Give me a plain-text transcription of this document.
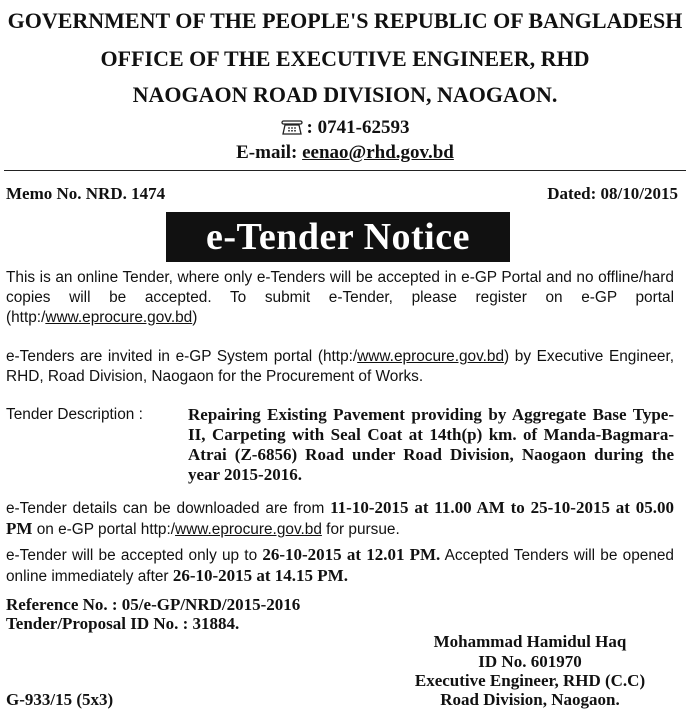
GOVERNMENT OF THE PEOPLE'S REPUBLIC OF BANGLADESH
OFFICE OF THE EXECUTIVE ENGINEER, RHD
NAOGAON ROAD DIVISION, NAOGAON.
: 0741-62593
E-mail: eenao@rhd.gov.bd
Memo No. NRD. 1474	Dated: 08/10/2015
e-Tender Notice
This is an online Tender, where only e-Tenders will be accepted in e-GP Portal and no offline/hard copies will be accepted. To submit e-Tender, please register on e-GP portal (http:/www.eprocure.gov.bd)
e-Tenders are invited in e-GP System portal (http:/www.eprocure.gov.bd) by Executive Engineer, RHD, Road Division, Naogaon for the Procurement of Works.
Tender Description :	Repairing Existing Pavement providing by Aggregate Base Type-II, Carpeting with Seal Coat at 14th(p) km. of Manda-Bagmara-Atrai (Z-6856) Road under Road Division, Naogaon during the year 2015-2016.
e-Tender details can be downloaded are from 11-10-2015 at 11.00 AM to 25-10-2015 at 05.00 PM on e-GP portal http:/www.eprocure.gov.bd for pursue.
e-Tender will be accepted only up to 26-10-2015 at 12.01 PM. Accepted Tenders will be opened online immediately after 26-10-2015 at 14.15 PM.
Reference No. : 05/e-GP/NRD/2015-2016
Tender/Proposal ID No. : 31884.
Mohammad Hamidul Haq
ID No. 601970
Executive Engineer, RHD (C.C)
Road Division, Naogaon.
G-933/15 (5x3)
